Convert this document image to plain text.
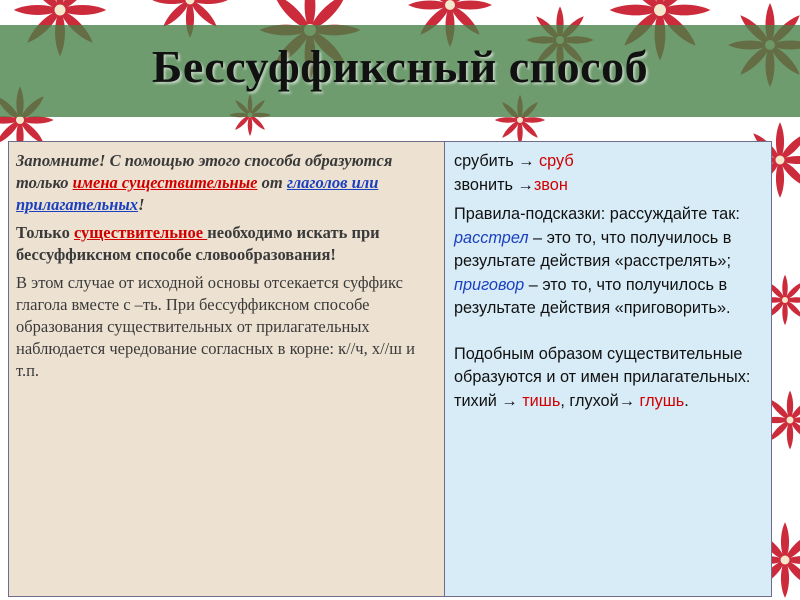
Бессуффиксный способ

Запомните! С помощью этого способа образуются только имена существительные от глаголов или прилагательных!

Только существительное необходимо искать при бессуффиксном способе словообразования!

В этом случае от исходной основы отсекается суффикс глагола вместе с –ть. При бессуффиксном способе образования существительных от прилагательных наблюдается чередование согласных в корне: к//ч, х//ш и т.п.

срубить → сруб
звонить →звон
Правила-подсказки: рассуждайте так: расстрел – это то, что получилось в результате действия «расстрелять»; приговор – это то, что получилось в результате действия «приговорить».
Подобным образом существительные образуются и от имен прилагательных: тихий → тишь, глухой→ глушь.
